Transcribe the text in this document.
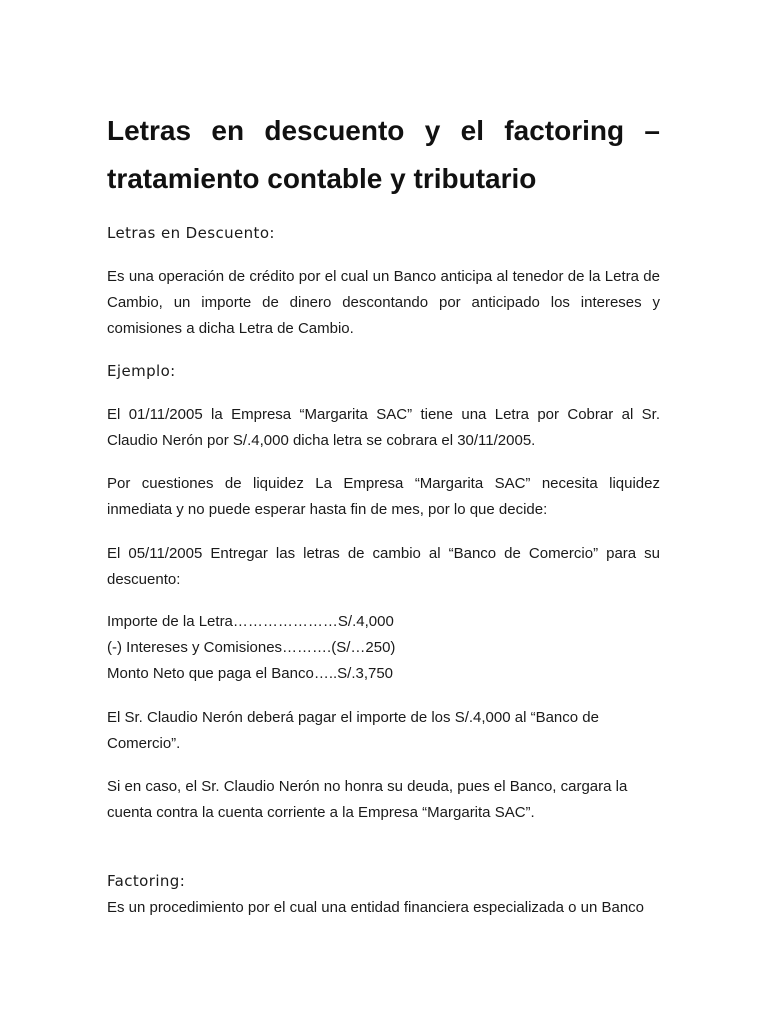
Letras en descuento y el factoring – tratamiento contable y tributario

Letras en Descuento:

Es una operación de crédito por el cual un Banco anticipa al tenedor de la Letra de Cambio, un importe de dinero descontando por anticipado los intereses y comisiones a dicha Letra de Cambio.

Ejemplo:

El 01/11/2005 la Empresa “Margarita SAC” tiene una Letra por Cobrar al Sr. Claudio Nerón por S/.4,000 dicha letra se cobrara el 30/11/2005.

Por cuestiones de liquidez La Empresa “Margarita SAC” necesita liquidez inmediata y no puede esperar hasta fin de mes, por lo que decide:

El 05/11/2005 Entregar las letras de cambio al “Banco de Comercio” para su descuento:

Importe de la Letra…………………S/.4,000
(-) Intereses y Comisiones……….(S/…250)
Monto Neto que paga el Banco…..S/.3,750

El Sr. Claudio Nerón deberá pagar el importe de los S/.4,000 al “Banco de Comercio”.

Si en caso, el Sr. Claudio Nerón no honra su deuda, pues el Banco, cargara la cuenta contra la cuenta corriente a la Empresa “Margarita SAC”.

Factoring:

Es un procedimiento por el cual una entidad financiera especializada o un Banco
